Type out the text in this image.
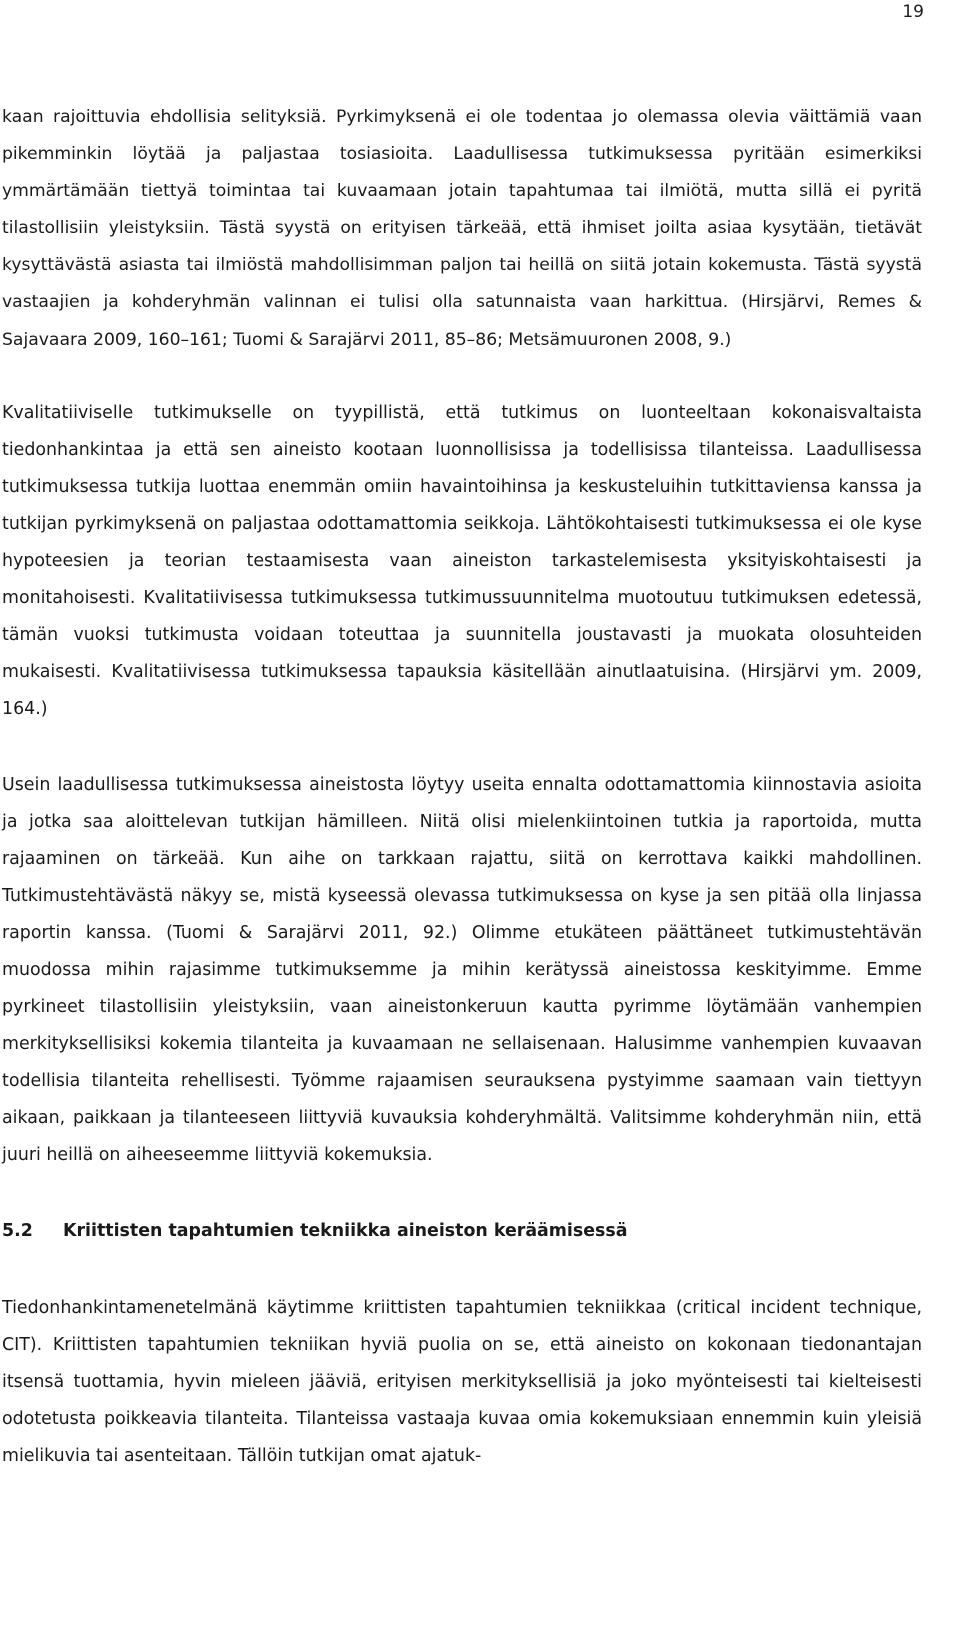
19

kaan rajoittuvia ehdollisia selityksiä. Pyrkimyksenä ei ole todentaa jo olemassa olevia väittämiä vaan pikemminkin löytää ja paljastaa tosiasioita. Laadullisessa tutkimuksessa pyritään esimerkiksi ymmärtämään tiettyä toimintaa tai kuvaamaan jotain tapahtumaa tai ilmiötä, mutta sillä ei pyritä tilastollisiin yleistyksiin. Tästä syystä on erityisen tärkeää, että ihmiset joilta asiaa kysytään, tietävät kysyttävästä asiasta tai ilmiöstä mahdollisimman paljon tai heillä on siitä jotain kokemusta. Tästä syystä vastaajien ja kohderyhmän valinnan ei tulisi olla satunnaista vaan harkittua. (Hirsjärvi, Remes & Sajavaara 2009, 160–161; Tuomi & Sarajärvi 2011, 85–86; Metsämuuronen 2008, 9.)

Kvalitatiiviselle tutkimukselle on tyypillistä, että tutkimus on luonteeltaan kokonaisvaltaista tiedonhankintaa ja että sen aineisto kootaan luonnollisissa ja todellisissa tilanteissa. Laadullisessa tutkimuksessa tutkija luottaa enemmän omiin havaintoihinsa ja keskusteluihin tutkittaviensa kanssa ja tutkijan pyrkimyksenä on paljastaa odottamattomia seikkoja. Lähtökohtaisesti tutkimuksessa ei ole kyse hypoteesien ja teorian testaamisesta vaan aineiston tarkastelemisesta yksityiskohtaisesti ja monitahoisesti. Kvalitatiivisessa tutkimuksessa tutkimussuunnitelma muotoutuu tutkimuksen edetessä, tämän vuoksi tutkimusta voidaan toteuttaa ja suunnitella joustavasti ja muokata olosuhteiden mukaisesti. Kvalitatiivisessa tutkimuksessa tapauksia käsitellään ainutlaatuisina. (Hirsjärvi ym. 2009, 164.)

Usein laadullisessa tutkimuksessa aineistosta löytyy useita ennalta odottamattomia kiinnostavia asioita ja jotka saa aloittelevan tutkijan hämilleen. Niitä olisi mielenkiintoinen tutkia ja raportoida, mutta rajaaminen on tärkeää. Kun aihe on tarkkaan rajattu, siitä on kerrottava kaikki mahdollinen. Tutkimustehtävästä näkyy se, mistä kyseessä olevassa tutkimuksessa on kyse ja sen pitää olla linjassa raportin kanssa. (Tuomi & Sarajärvi 2011, 92.) Olimme etukäteen päättäneet tutkimustehtävän muodossa mihin rajasimme tutkimuksemme ja mihin kerätyssä aineistossa keskityimme. Emme pyrkineet tilastollisiin yleistyksiin, vaan aineistonkeruun kautta pyrimme löytämään vanhempien merkityksellisiksi kokemia tilanteita ja kuvaamaan ne sellaisenaan. Halusimme vanhempien kuvaavan todellisia tilanteita rehellisesti. Työmme rajaamisen seurauksena pystyimme saamaan vain tiettyyn aikaan, paikkaan ja tilanteeseen liittyviä kuvauksia kohderyhmältä. Valitsimme kohderyhmän niin, että juuri heillä on aiheeseemme liittyviä kokemuksia.

5.2	Kriittisten tapahtumien tekniikka aineiston keräämisessä

Tiedonhankintamenetelmänä käytimme kriittisten tapahtumien tekniikkaa (critical incident technique, CIT). Kriittisten tapahtumien tekniikan hyviä puolia on se, että aineisto on kokonaan tiedonantajan itsensä tuottamia, hyvin mieleen jääviä, erityisen merkityksellisiä ja joko myönteisesti tai kielteisesti odotetusta poikkeavia tilanteita. Tilanteissa vastaaja kuvaa omia kokemuksiaan ennemmin kuin yleisiä mielikuvia tai asenteitaan. Tällöin tutkijan omat ajatuk-
